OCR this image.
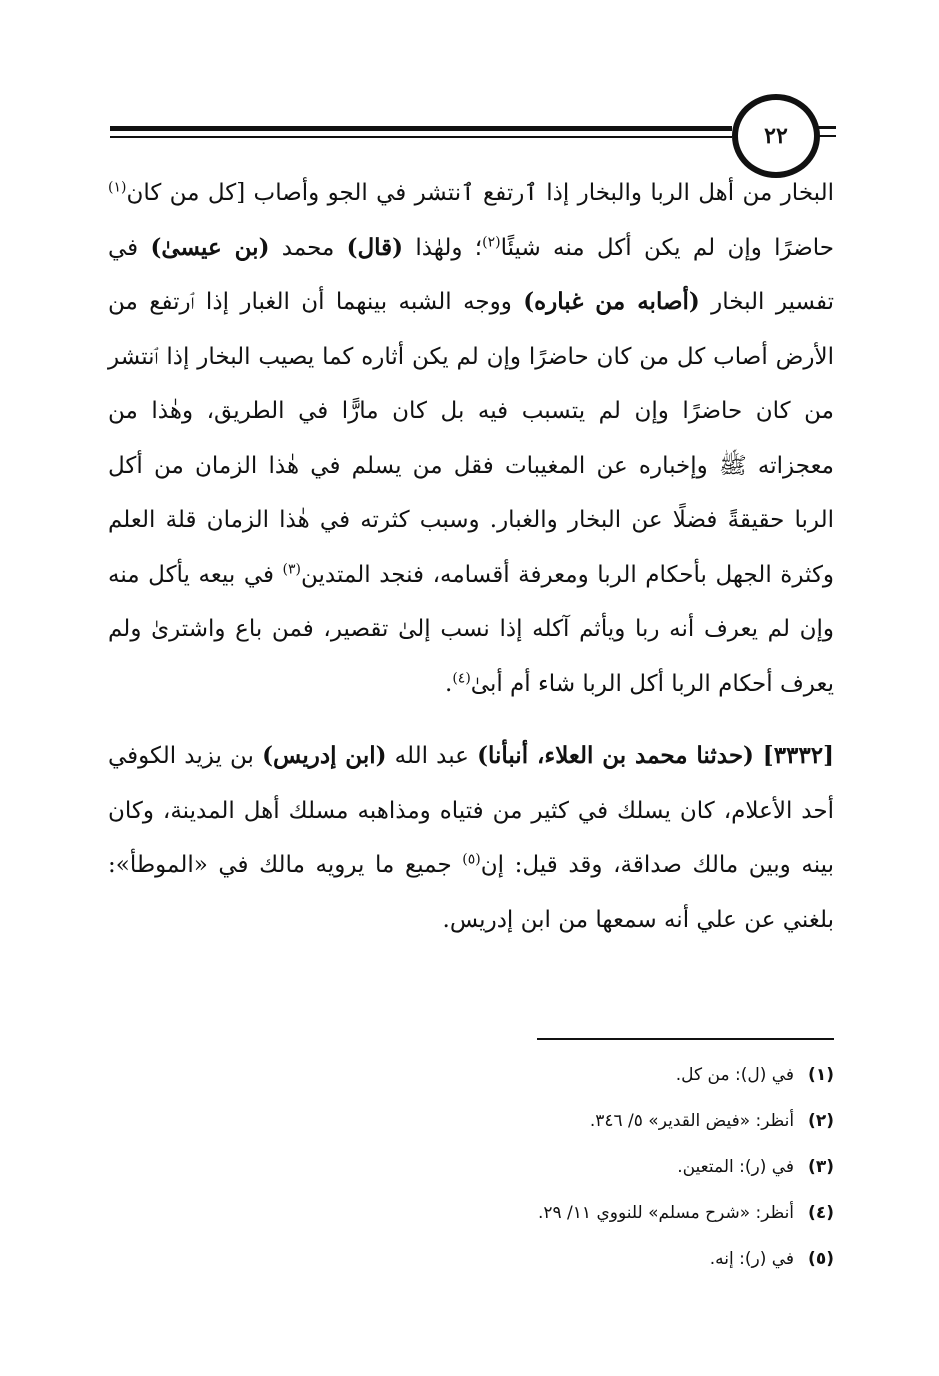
٢٢

البخار من أهل الربا والبخار إذا ٱرتفع ٱنتشر في الجو وأصاب [كل من كان$^{(١)}$ حاضرًا وإن لم يكن أكل منه شيئًا$^{(٢)}$؛ ولهٰذا (قال) محمد (بن عيسىٰ) في تفسير البخار (أصابه من غباره) ووجه الشبه بينهما أن الغبار إذا ٱرتفع من الأرض أصاب كل من كان حاضرًا وإن لم يكن أثاره كما يصيب البخار إذا ٱنتشر من كان حاضرًا وإن لم يتسبب فيه بل كان مارًّا في الطريق، وهٰذا من معجزاته ﷺ وإخباره عن المغيبات فقل من يسلم في هٰذا الزمان من أكل الربا حقيقةً فضلًا عن البخار والغبار. وسبب كثرته في هٰذا الزمان قلة العلم وكثرة الجهل بأحكام الربا ومعرفة أقسامه، فنجد المتدين$^{(٣)}$ في بيعه يأكل منه وإن لم يعرف أنه ربا ويأثم آكله إذا نسب إلىٰ تقصير، فمن باع واشترىٰ ولم يعرف أحكام الربا أكل الربا شاء أم أبىٰ$^{(٤)}$.

[٣٣٣٢] (حدثنا محمد بن العلاء، أنبأنا) عبد الله (ابن إدريس) بن يزيد الكوفي أحد الأعلام، كان يسلك في كثير من فتياه ومذاهبه مسلك أهل المدينة، وكان بينه وبين مالك صداقة، وقد قيل: إن$^{(٥)}$ جميع ما يرويه مالك في «الموطأ»: بلغني عن علي أنه سمعها من ابن إدريس.

(١)في (ل): من كل.

(٢)أنظر: «فيض القدير» ٥/ ٣٤٦.

(٣)في (ر): المتعين.

(٤)أنظر: «شرح مسلم» للنووي ١١/ ٢٩.

(٥)في (ر): إنه.
